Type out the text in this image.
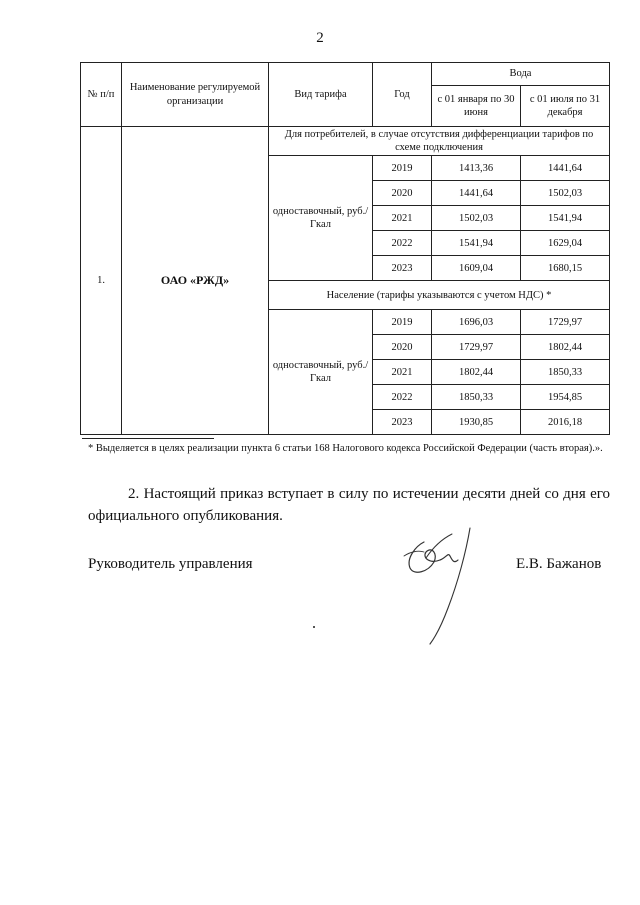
2
№ п/п	Наименование регулируемой организации	Вид тарифа	Год	Вода	
				с 01 января по 30 июня	с 01 июля по 31 декабря
1.	ОАО «РЖД»	Для потребителей, в случае отсутствия дифференциации тарифов по схеме подключения			
		одноставочный, руб./Гкал	2019	1413,36	1441,64
			2020	1441,64	1502,03
			2021	1502,03	1541,94
			2022	1541,94	1629,04
			2023	1609,04	1680,15
		Население (тарифы указываются с учетом НДС) *			
		одноставочный, руб./Гкал	2019	1696,03	1729,97
			2020	1729,97	1802,44
			2021	1802,44	1850,33
			2022	1850,33	1954,85
			2023	1930,85	2016,18
* Выделяется в целях реализации пункта 6 статьи 168 Налогового кодекса Российской Федерации (часть вторая).».
2. Настоящий приказ вступает в силу по истечении десяти дней со дня его официального опубликования.
Руководитель управления	Е.В. Бажанов
